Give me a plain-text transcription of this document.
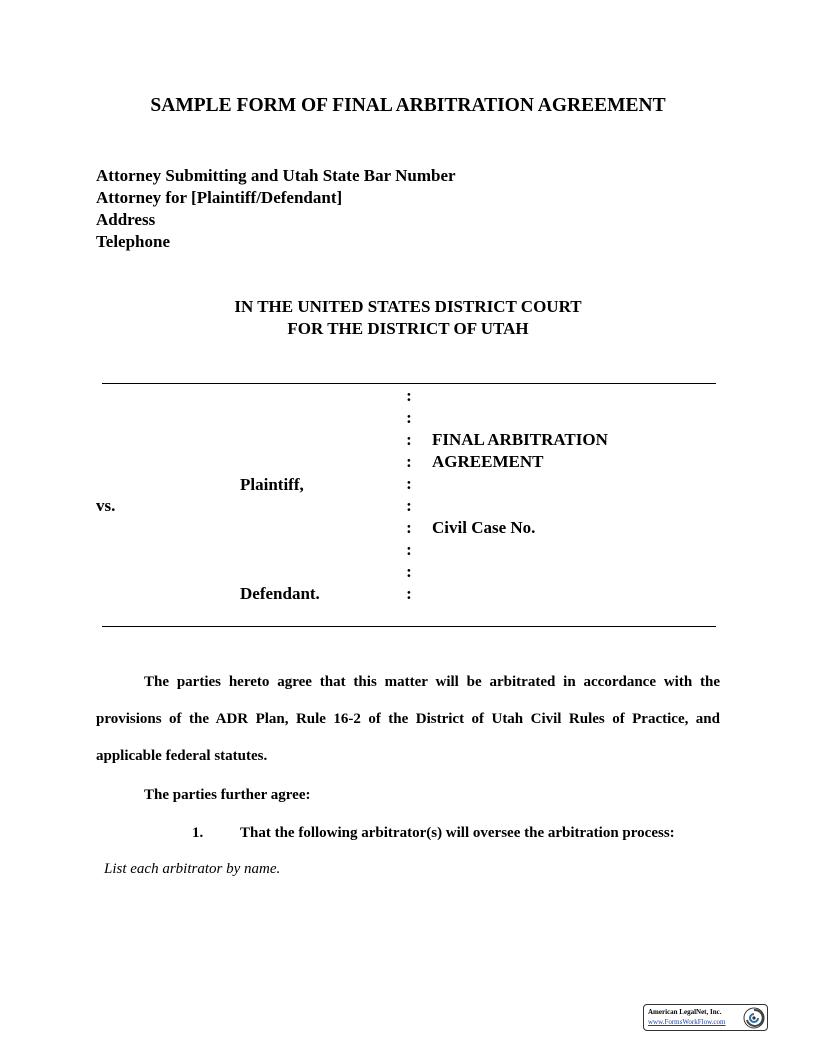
SAMPLE FORM OF FINAL ARBITRATION AGREEMENT
Attorney Submitting and Utah State Bar Number
Attorney for [Plaintiff/Defendant]
Address
Telephone
IN THE UNITED STATES DISTRICT COURT
FOR THE DISTRICT OF UTAH
:
:
:
:
:
:
:
:
:
:
FINAL ARBITRATION
AGREEMENT
Plaintiff,
vs.
Civil Case No.
Defendant.
The parties hereto agree that this matter will be arbitrated in accordance with the
provisions of the ADR Plan, Rule 16-2 of the District of Utah Civil Rules of Practice, and
applicable federal statutes.
The parties further agree:
1. That the following arbitrator(s) will oversee the arbitration process:
List each arbitrator by name.
American LegalNet, Inc.
www.FormsWorkFlow.com
